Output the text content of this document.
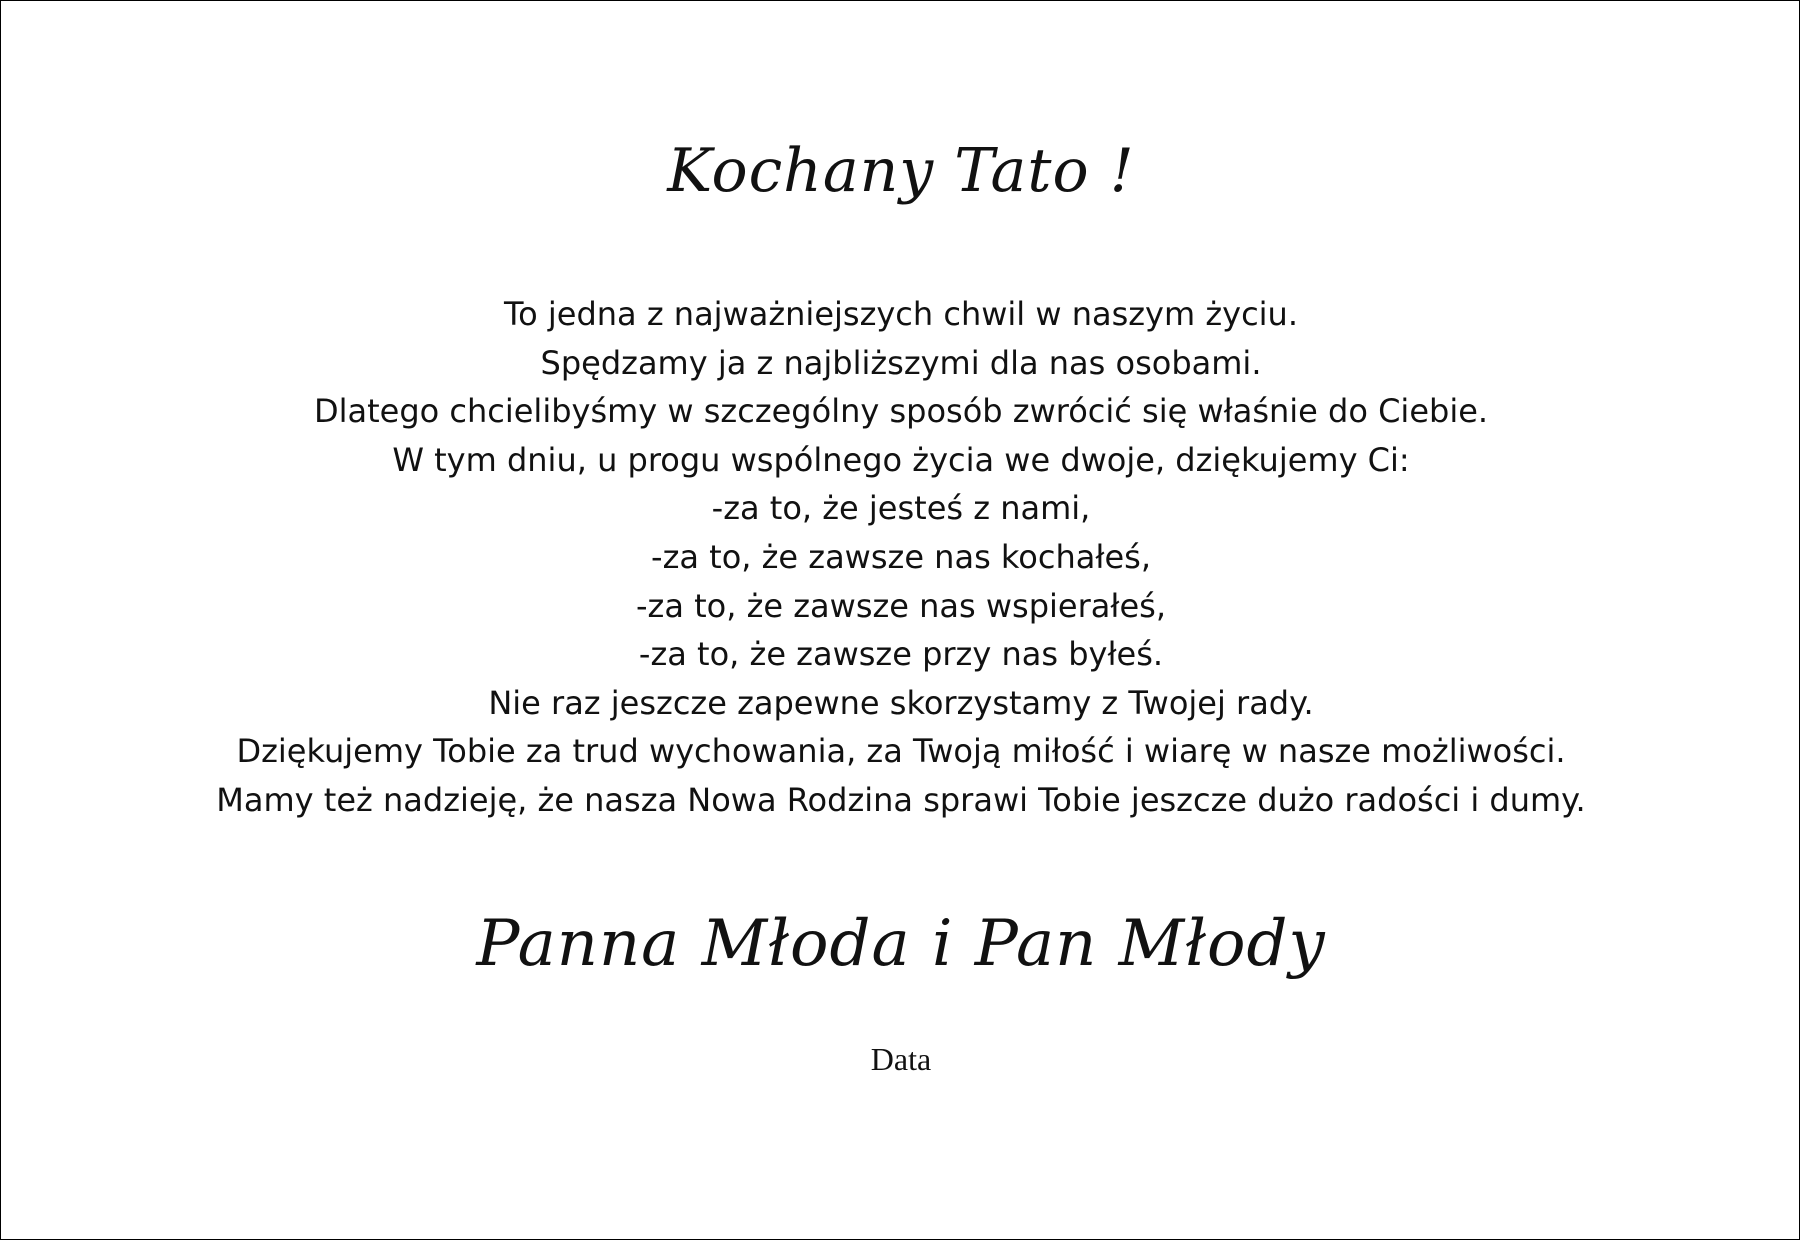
Kochany Tato !
To jedna z najważniejszych chwil w naszym życiu.
Spędzamy ja z najbliższymi dla nas osobami.
Dlatego chcielibyśmy w szczególny sposób zwrócić się właśnie do Ciebie.
W tym dniu, u progu wspólnego życia we dwoje, dziękujemy Ci:
-za to, że jesteś z nami,
-za to, że zawsze nas kochałeś,
-za to, że zawsze nas wspierałeś,
-za to, że zawsze przy nas byłeś.
Nie raz jeszcze zapewne skorzystamy z Twojej rady.
Dziękujemy Tobie za trud wychowania, za Twoją miłość i wiarę w nasze możliwości.
Mamy też nadzieję, że nasza Nowa Rodzina sprawi Tobie jeszcze dużo radości i dumy.
Panna Młoda i Pan Młody
Data
